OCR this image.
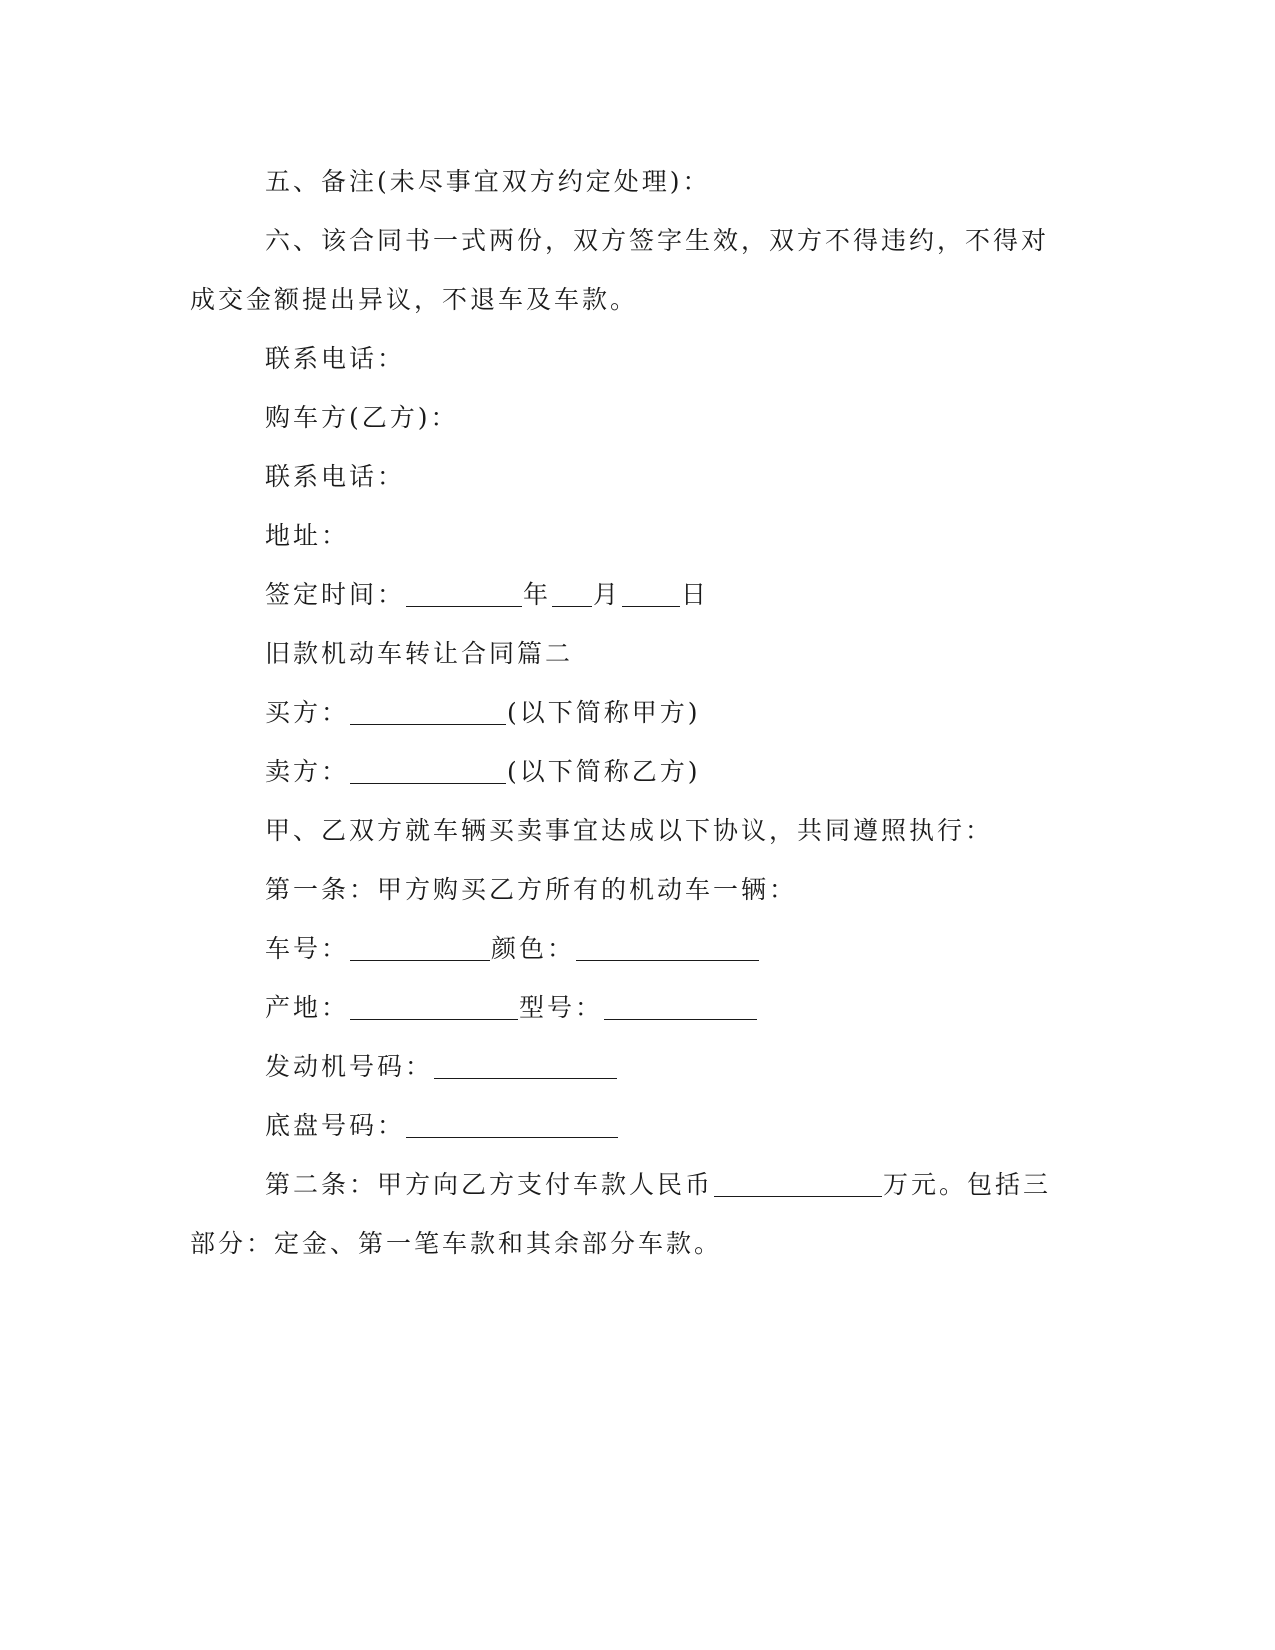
五、备注(未尽事宜双方约定处理)：
六、该合同书一式两份，双方签字生效，双方不得违约，不得对
成交金额提出异议，不退车及车款。
联系电话：
购车方(乙方)：
联系电话：
地址：
签定时间：	年 月 日
旧款机动车转让合同篇二
买方：	(以下简称甲方)
卖方：	(以下简称乙方)
甲、乙双方就车辆买卖事宜达成以下协议，共同遵照执行：
第一条：甲方购买乙方所有的机动车一辆：
车号：	颜色：
产地：	型号：
发动机号码：
底盘号码：
第二条：甲方向乙方支付车款人民币	万元。包括三
部分：定金、第一笔车款和其余部分车款。
